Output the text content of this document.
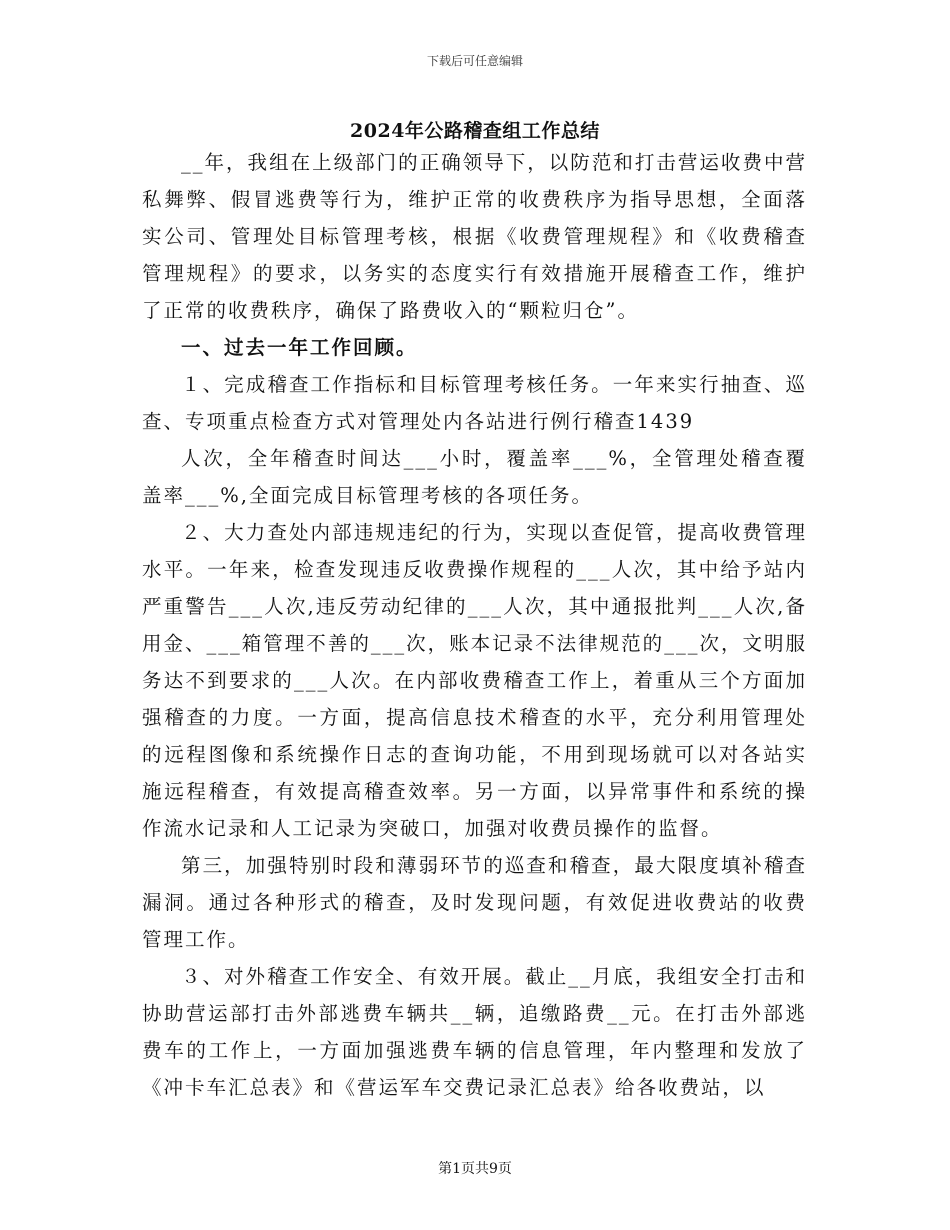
下载后可任意编辑
2024年公路稽查组工作总结

__年，我组在上级部门的正确领导下，以防范和打击营运收费中营私舞弊、假冒逃费等行为，维护正常的收费秩序为指导思想，全面落实公司、管理处目标管理考核，根据《收费管理规程》和《收费稽查管理规程》的要求，以务实的态度实行有效措施开展稽查工作，维护了正常的收费秩序，确保了路费收入的“颗粒归仓”。

一、过去一年工作回顾。

１、完成稽查工作指标和目标管理考核任务。一年来实行抽查、巡查、专项重点检查方式对管理处内各站进行例行稽查1439

人次，全年稽查时间达___小时，覆盖率___%，全管理处稽查覆盖率___%,全面完成目标管理考核的各项任务。

２、大力查处内部违规违纪的行为，实现以查促管，提高收费管理水平。一年来，检查发现违反收费操作规程的___人次，其中给予站内严重警告___人次,违反劳动纪律的___人次，其中通报批判___人次,备用金、___箱管理不善的___次，账本记录不法律规范的___次，文明服务达不到要求的___人次。在内部收费稽查工作上，着重从三个方面加强稽查的力度。一方面，提高信息技术稽查的水平，充分利用管理处的远程图像和系统操作日志的查询功能，不用到现场就可以对各站实施远程稽查，有效提高稽查效率。另一方面，以异常事件和系统的操作流水记录和人工记录为突破口，加强对收费员操作的监督。

第三，加强特别时段和薄弱环节的巡查和稽查，最大限度填补稽查漏洞。通过各种形式的稽查，及时发现问题，有效促进收费站的收费管理工作。

３、对外稽查工作安全、有效开展。截止__月底，我组安全打击和协助营运部打击外部逃费车辆共__辆，追缴路费__元。在打击外部逃费车的工作上，一方面加强逃费车辆的信息管理，年内整理和发放了《冲卡车汇总表》和《营运军车交费记录汇总表》给各收费站，以

第1页共9页
